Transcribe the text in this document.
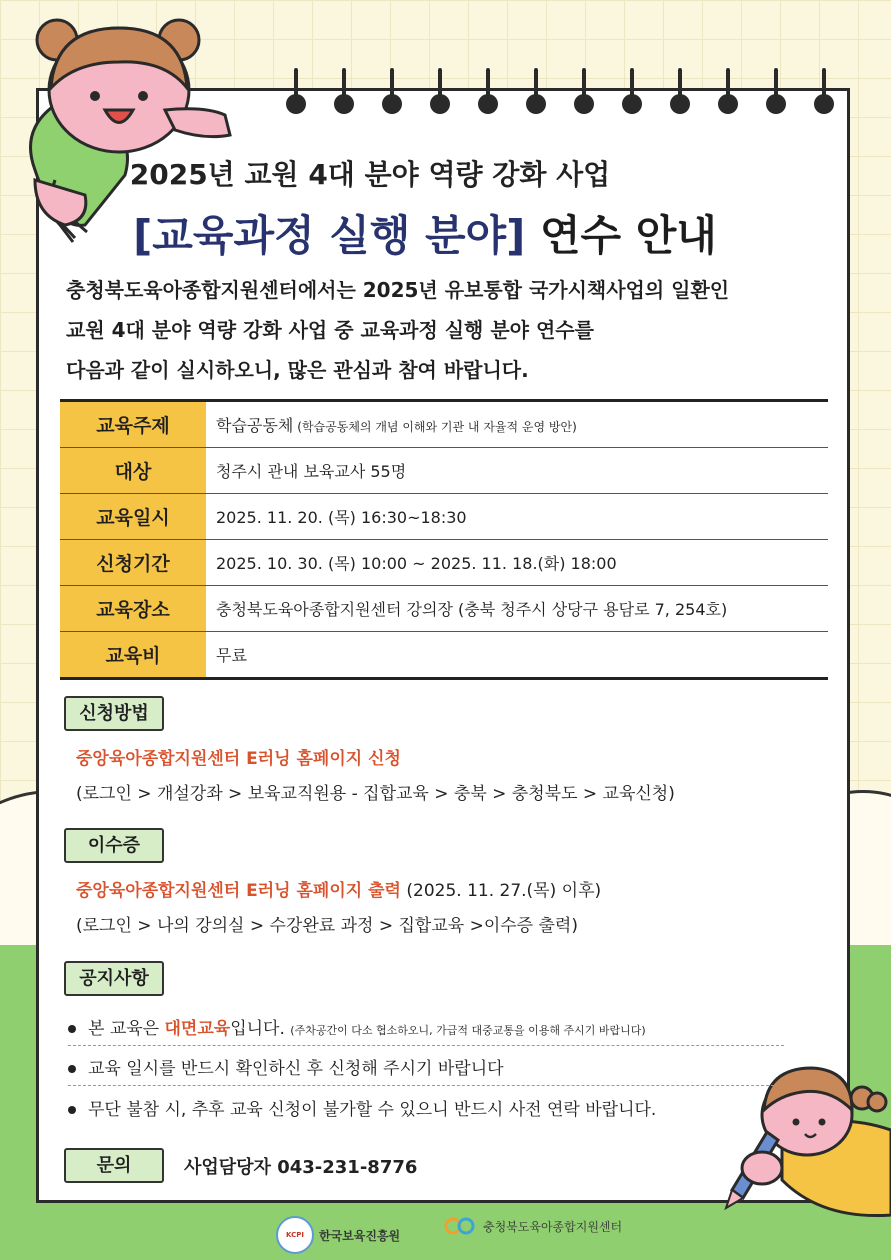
2025년 교원 4대 분야 역량 강화 사업
[교육과정 실행 분야] 연수 안내
충청북도육아종합지원센터에서는 2025년 유보통합 국가시책사업의 일환인
교원 4대 분야 역량 강화 사업 중 교육과정 실행 분야 연수를
다음과 같이 실시하오니, 많은 관심과 참여 바랍니다.
교육주제	학습공동체 (학습공동체의 개념 이해와 기관 내 자율적 운영 방안)
대상	청주시 관내 보육교사 55명
교육일시	2025. 11. 20. (목) 16:30~18:30
신청기간	2025. 10. 30. (목) 10:00 ~ 2025. 11. 18.(화) 18:00
교육장소	충청북도육아종합지원센터 강의장 (충북 청주시 상당구 용담로 7, 254호)
교육비	무료
신청방법
중앙육아종합지원센터 E러닝 홈페이지 신청
(로그인 > 개설강좌 > 보육교직원용 - 집합교육 > 충북 > 충청북도 > 교육신청)
이수증
중앙육아종합지원센터 E러닝 홈페이지 출력 (2025. 11. 27.(목) 이후)
(로그인 > 나의 강의실 > 수강완료 과정 > 집합교육 >이수증 출력)
공지사항
본 교육은 대면교육입니다. (주차공간이 다소 협소하오니, 가급적 대중교통을 이용해 주시기 바랍니다)
교육 일시를 반드시 확인하신 후 신청해 주시기 바랍니다
무단 불참 시, 추후 교육 신청이 불가할 수 있으니 반드시 사전 연락 바랍니다.
문의	사업담당자 043-231-8776
KCPI	한국보육진흥원
충청북도육아종합지원센터
